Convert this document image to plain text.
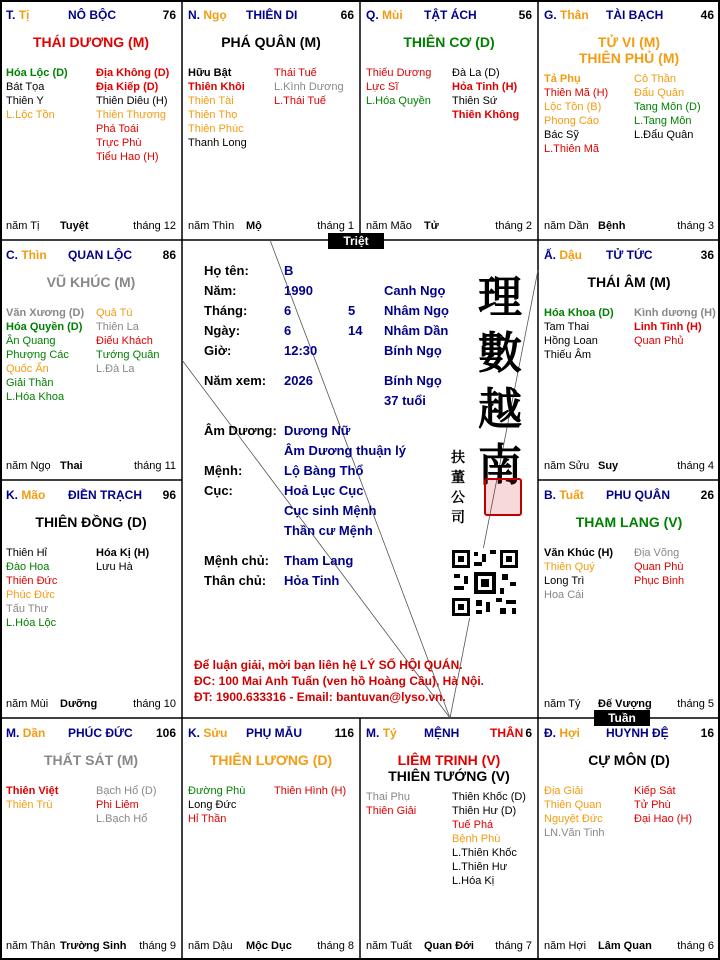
T. Tị	NÔ BỘC	76
THÁI DƯƠNG (M)
Hóa Lộc (D)
Bát Tọa
Thiên Y
L.Lộc Tồn
Địa Không (D)
Địa Kiếp (D)
Thiên Diêu (H)
Thiên Thương
Phá Toái
Trực Phù
Tiểu Hao (H)
năm Tị Tuyệt	tháng 12
N. Ngọ THIÊN DI	66
PHÁ QUÂN (M)
Hữu Bật
Thiên Khôi
Thiên Tài
Thiên Thọ
Thiên Phúc
Thanh Long
Thái Tuế
L.Kình Dương
L.Thái Tuế
năm Thìn Mộ	tháng 1
Q. Mùi TẬT ÁCH	56
THIÊN CƠ (D)
Thiếu Dương
Lực Sĩ
L.Hóa Quyền
Đà La (D)
Hỏa Tinh (H)
Thiên Sứ
Thiên Không
năm Mão Tử	tháng 2
G. Thân TÀI BẠCH	46
TỬ VI (M)
THIÊN PHỦ (M)
Tả Phụ
Thiên Mã (H)
Lộc Tồn (B)
Phong Cáo
Bác Sỹ
L.Thiên Mã
Cô Thần
Đẩu Quân
Tang Môn (D)
L.Tang Môn
L.Đẩu Quân
năm Dần Bệnh	tháng 3
C. Thìn QUAN LỘC	86
VŨ KHÚC (M)
Văn Xương (D)
Hóa Quyền (D)
Ân Quang
Phượng Các
Quốc Ấn
Giải Thần
L.Hóa Khoa
Quả Tú
Thiên La
Điếu Khách
Tướng Quân
L.Đà La
năm Ngọ Thai	tháng 11
Ấ. Dậu TỬ TỨC	36
THÁI ÂM (M)
Hóa Khoa (D)
Tam Thai
Hồng Loan
Thiếu Âm
Kình dương (H)
Linh Tinh (H)
Quan Phủ
năm Sửu Suy	tháng 4
K. Mão ĐIỀN TRẠCH 96
THIÊN ĐỒNG (D)
Thiên Hỉ
Đào Hoa
Thiên Đức
Phúc Đức
Tấu Thư
L.Hóa Lộc
Hóa Kị (H)
Lưu Hà
năm Mùi Dưỡng	tháng 10
B. Tuất PHU QUÂN	26
THAM LANG (V)
Văn Khúc (H)
Thiên Quý
Long Trì
Hoa Cái
Địa Võng
Quan Phù
Phục Binh
năm Tý Đế Vượng tháng 5
M. Dần PHÚC ĐỨC 106
THẤT SÁT (M)
Thiên Việt
Thiên Trù
Bạch Hổ (D)
Phi Liêm
L.Bạch Hổ
năm Thân Trường Sinh tháng 9
K. Sửu PHỤ MẪU	116
THIÊN LƯƠNG (D)
Đường Phù
Long Đức
Hỉ Thần
Thiên Hình (H)
năm Dậu Mộc Dục tháng 8
M. Tý MỆNH	THÂN 6
LIÊM TRINH (V)
THIÊN TƯỚNG (V)
Thai Phụ
Thiên Giải
Thiên Khốc (D)
Thiên Hư (D)
Tuế Phá
Bệnh Phù
L.Thiên Khốc
L.Thiên Hư
L.Hóa Kị
năm Tuất Quan Đới tháng 7
Đ. Hợi HUYNH ĐỆ	16
CỰ MÔN (D)
Địa Giải
Thiên Quan
Nguyệt Đức
LN.Văn Tinh
Kiếp Sát
Tử Phù
Đại Hao (H)
năm Hợi Lâm Quan tháng 6
Triệt
Tuần
Họ tên:	B
Năm:	1990	Canh Ngọ
Tháng:	6	5 Nhâm Ngọ
Ngày:	6	14 Nhâm Dần
Giờ:	12:30	Bính Ngọ
Năm xem: 2026	Bính Ngọ
37 tuổi
Âm Dương: Dương Nữ
Âm Dương thuận lý
Mệnh:	Lộ Bàng Thổ
Cục:	Hoả Lục Cục
Cục sinh Mệnh
Thần cư Mệnh
Mệnh chủ: Tham Lang
Thân chủ: Hỏa Tinh
理
數
越
南
扶
董
公
司
Để luận giải, mời bạn liên hệ LÝ SỐ HỘI QUÁN.
ĐC: 100 Mai Anh Tuấn (ven hồ Hoàng Cầu), Hà Nội.
ĐT: 1900.633316 - Email: bantuvan@lyso.vn.
